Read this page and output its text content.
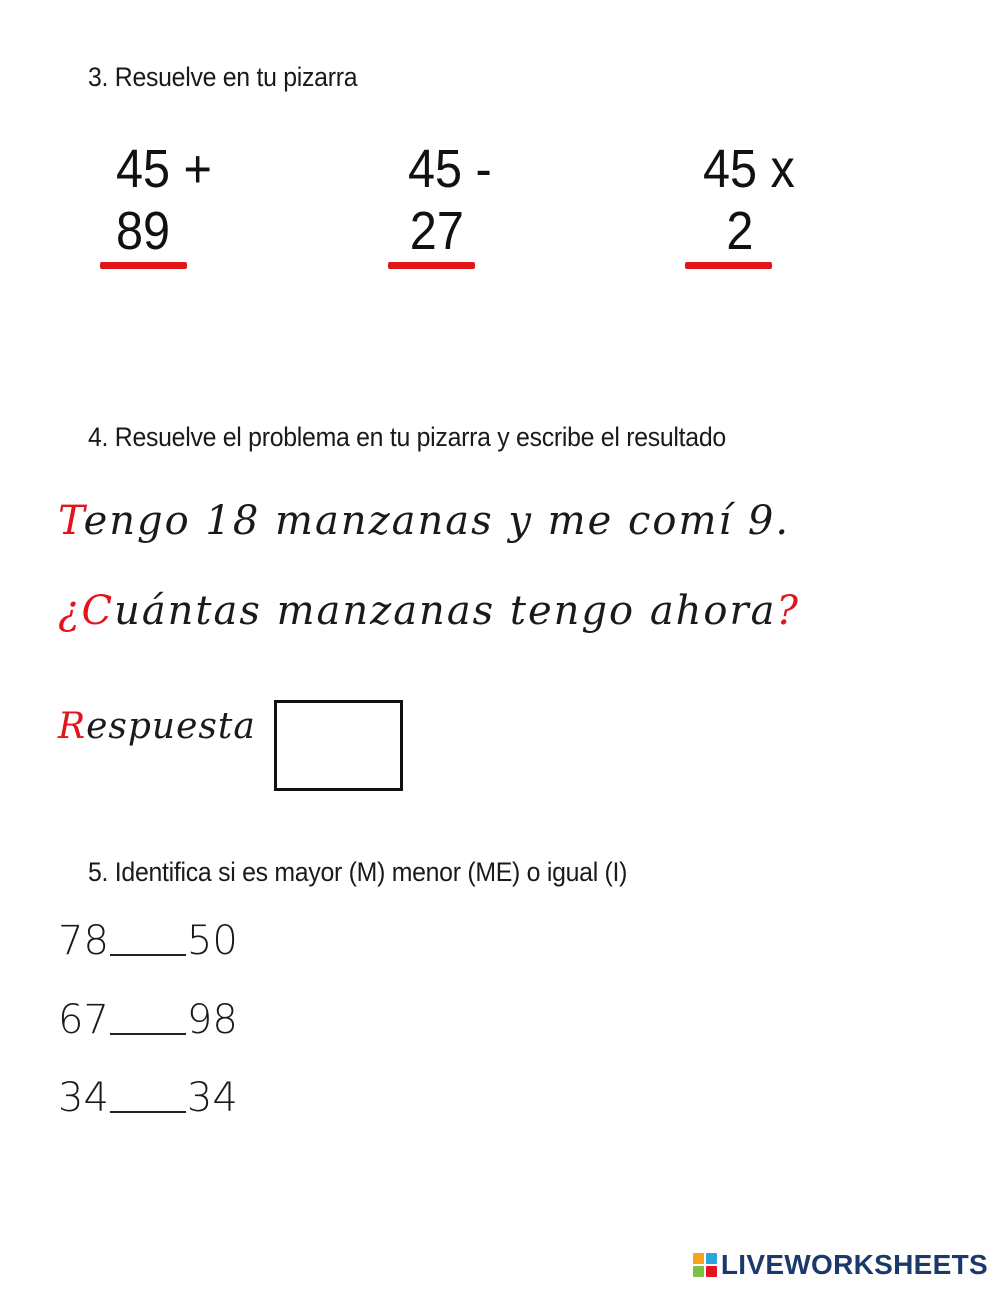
3. Resuelve en tu pizarra
45 +
89
45 -
27
45 x
2
4. Resuelve el problema en tu pizarra y escribe el resultado
Tengo 18 manzanas y me comí 9.
¿Cuántas manzanas tengo ahora?
Respuesta
5. Identifica si es mayor (M) menor (ME) o igual (I)
78 50
67 98
34 34
LIVEWORKSHEETS
